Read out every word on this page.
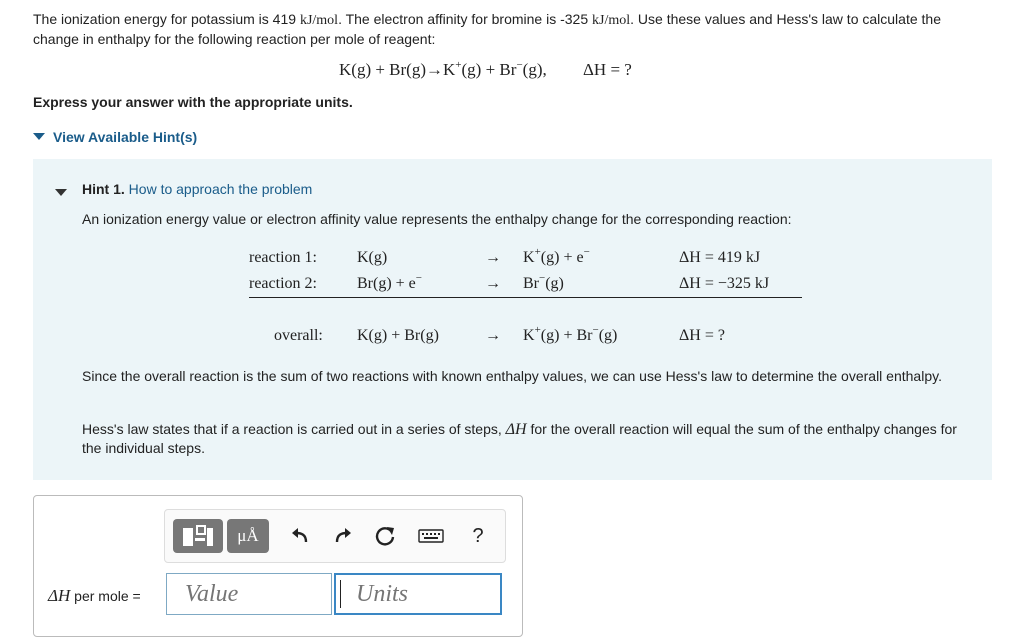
The ionization energy for potassium is 419 kJ/mol. The electron affinity for bromine is -325 kJ/mol. Use these values and Hess's law to calculate the change in enthalpy for the following reaction per mole of reagent:
K(g) + Br(g)→K+(g) + Br−(g), ΔH = ?
Express your answer with the appropriate units.
View Available Hint(s)
Hint 1. How to approach the problem
An ionization energy value or electron affinity value represents the enthalpy change for the corresponding reaction:
reaction 1:	K(g)	→ K+(g) + e−	ΔH = 419 kJ
reaction 2:	Br(g) + e−	→ Br−(g)	ΔH = −325 kJ
overall: K(g) + Br(g)	→ K+(g) + Br−(g)	ΔH = ?
Since the overall reaction is the sum of two reactions with known enthalpy values, we can use Hess's law to determine the overall enthalpy.
Hess's law states that if a reaction is carried out in a series of steps, ΔH for the overall reaction will equal the sum of the enthalpy changes for the individual steps.
μÅ	?
ΔH per mole =
Value
Units
